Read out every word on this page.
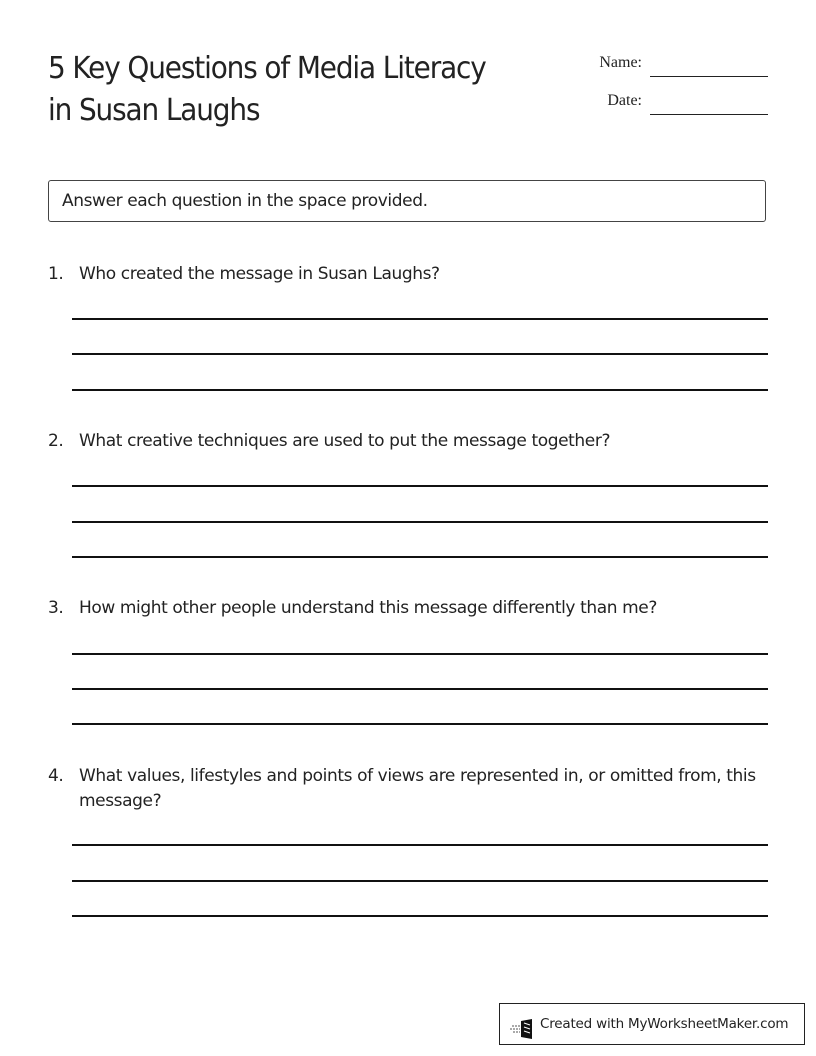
5 Key Questions of Media Literacy
in Susan Laughs
Name:
Date:
Answer each question in the space provided.
1. Who created the message in Susan Laughs?
2. What creative techniques are used to put the message together?
3. How might other people understand this message differently than me?
4. What values, lifestyles and points of views are represented in, or omitted from, this message?
Created with MyWorksheetMaker.com
